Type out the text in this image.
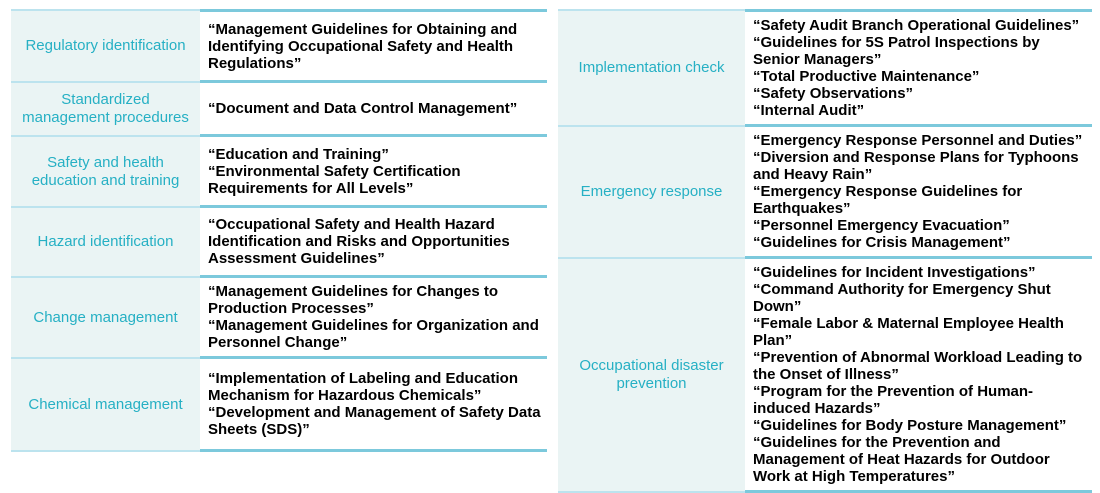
Regulatory identification
“Management Guidelines for Obtaining and Identifying Occupational Safety and Health Regulations”
Standardized management procedures
“Document and Data Control Management”
Safety and health education and training
“Education and Training”
“Environmental Safety Certification Requirements for All Levels”
Hazard identification
“Occupational Safety and Health Hazard Identification and Risks and Opportunities Assessment Guidelines”
Change management
“Management Guidelines for Changes to Production Processes”
“Management Guidelines for Organization and Personnel Change”
Chemical management
“Implementation of Labeling and Education Mechanism for Hazardous Chemicals”
“Development and Management of Safety Data Sheets (SDS)”
Implementation check
“Safety Audit Branch Operational Guidelines”
“Guidelines for 5S Patrol Inspections by Senior Managers”
“Total Productive Maintenance”
“Safety Observations”
“Internal Audit”
Emergency response
“Emergency Response Personnel and Duties”
“Diversion and Response Plans for Typhoons and Heavy Rain”
“Emergency Response Guidelines for Earthquakes”
“Personnel Emergency Evacuation”
“Guidelines for Crisis Management”
Occupational disaster prevention
“Guidelines for Incident Investigations”
“Command Authority for Emergency Shut Down”
“Female Labor & Maternal Employee Health Plan”
“Prevention of Abnormal Workload Leading to the Onset of Illness”
“Program for the Prevention of Human-induced Hazards”
“Guidelines for Body Posture Management”
“Guidelines for the Prevention and Management of Heat Hazards for Outdoor Work at High Temperatures”
